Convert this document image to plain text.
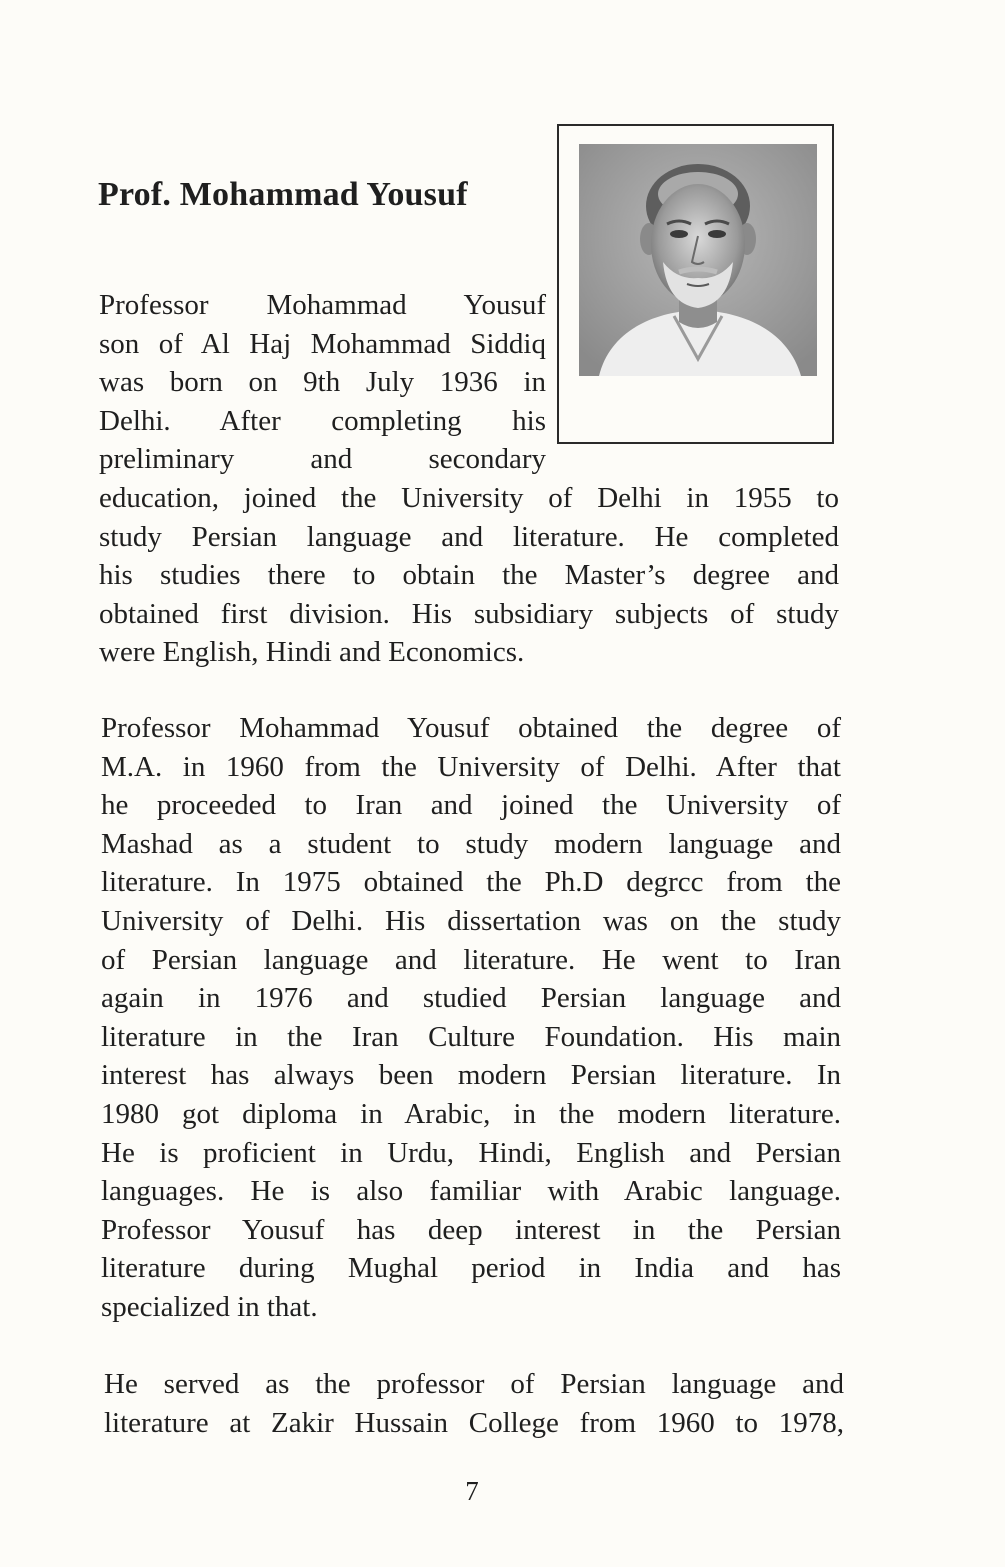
Prof. Mohammad Yousuf
Professor Mohammad Yousuf
son of Al Haj Mohammad Siddiq
was born on 9th July 1936 in
Delhi. After completing his
preliminary and secondary
education, joined the University of Delhi in 1955 to
study Persian language and literature. He completed
his studies there to obtain the Master’s degree and
obtained first division. His subsidiary subjects of study
were English, Hindi and Economics.
Professor Mohammad Yousuf obtained the degree of
M.A. in 1960 from the University of Delhi. After that
he proceeded to Iran and joined the University of
Mashad as a student to study modern language and
literature. In 1975 obtained the Ph.D degrcc from the
University of Delhi. His dissertation was on the study
of Persian language and literature. He went to Iran
again in 1976 and studied Persian language and
literature in the Iran Culture Foundation. His main
interest has always been modern Persian literature. In
1980 got diploma in Arabic, in the modern literature.
He is proficient in Urdu, Hindi, English and Persian
languages. He is also familiar with Arabic language.
Professor Yousuf has deep interest in the Persian
literature during Mughal period in India and has
specialized in that.
He served as the professor of Persian language and
literature at Zakir Hussain College from 1960 to 1978,
7
